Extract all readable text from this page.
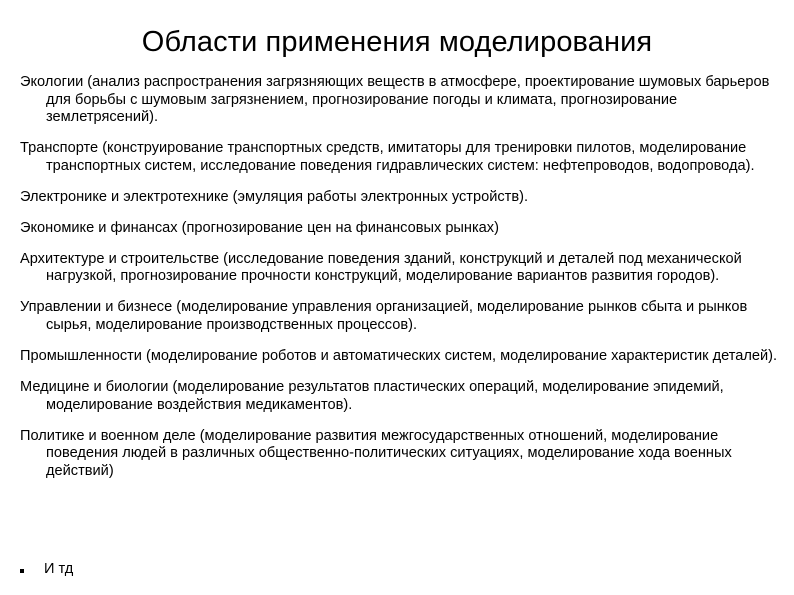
Области применения моделирования
Экологии (анализ распространения загрязняющих веществ в атмосфере, проектирование шумовых барьеров для борьбы с шумовым загрязнением, прогнозирование погоды и климата, прогнозирование землетрясений).
Транспорте (конструирование транспортных средств, имитаторы для тренировки пилотов, моделирование транспортных систем, исследование поведения гидравлических систем: нефтепроводов, водопровода).
Электронике и электротехнике (эмуляция работы электронных устройств).
Экономике и финансах (прогнозирование цен на финансовых рынках)
Архитектуре и строительстве (исследование поведения зданий, конструкций и деталей под механической нагрузкой, прогнозирование прочности конструкций, моделирование вариантов развития городов).
Управлении и бизнесе (моделирование управления организацией, моделирование рынков сбыта и рынков сырья, моделирование производственных процессов).
Промышленности (моделирование роботов и автоматических систем, моделирование характеристик деталей).
Медицине и биологии (моделирование результатов пластических операций, моделирование эпидемий, моделирование воздействия медикаментов).
Политике и военном деле (моделирование развития межгосударственных отношений, моделирование поведения людей в различных общественно-политических ситуациях, моделирование хода военных действий)
И тд
